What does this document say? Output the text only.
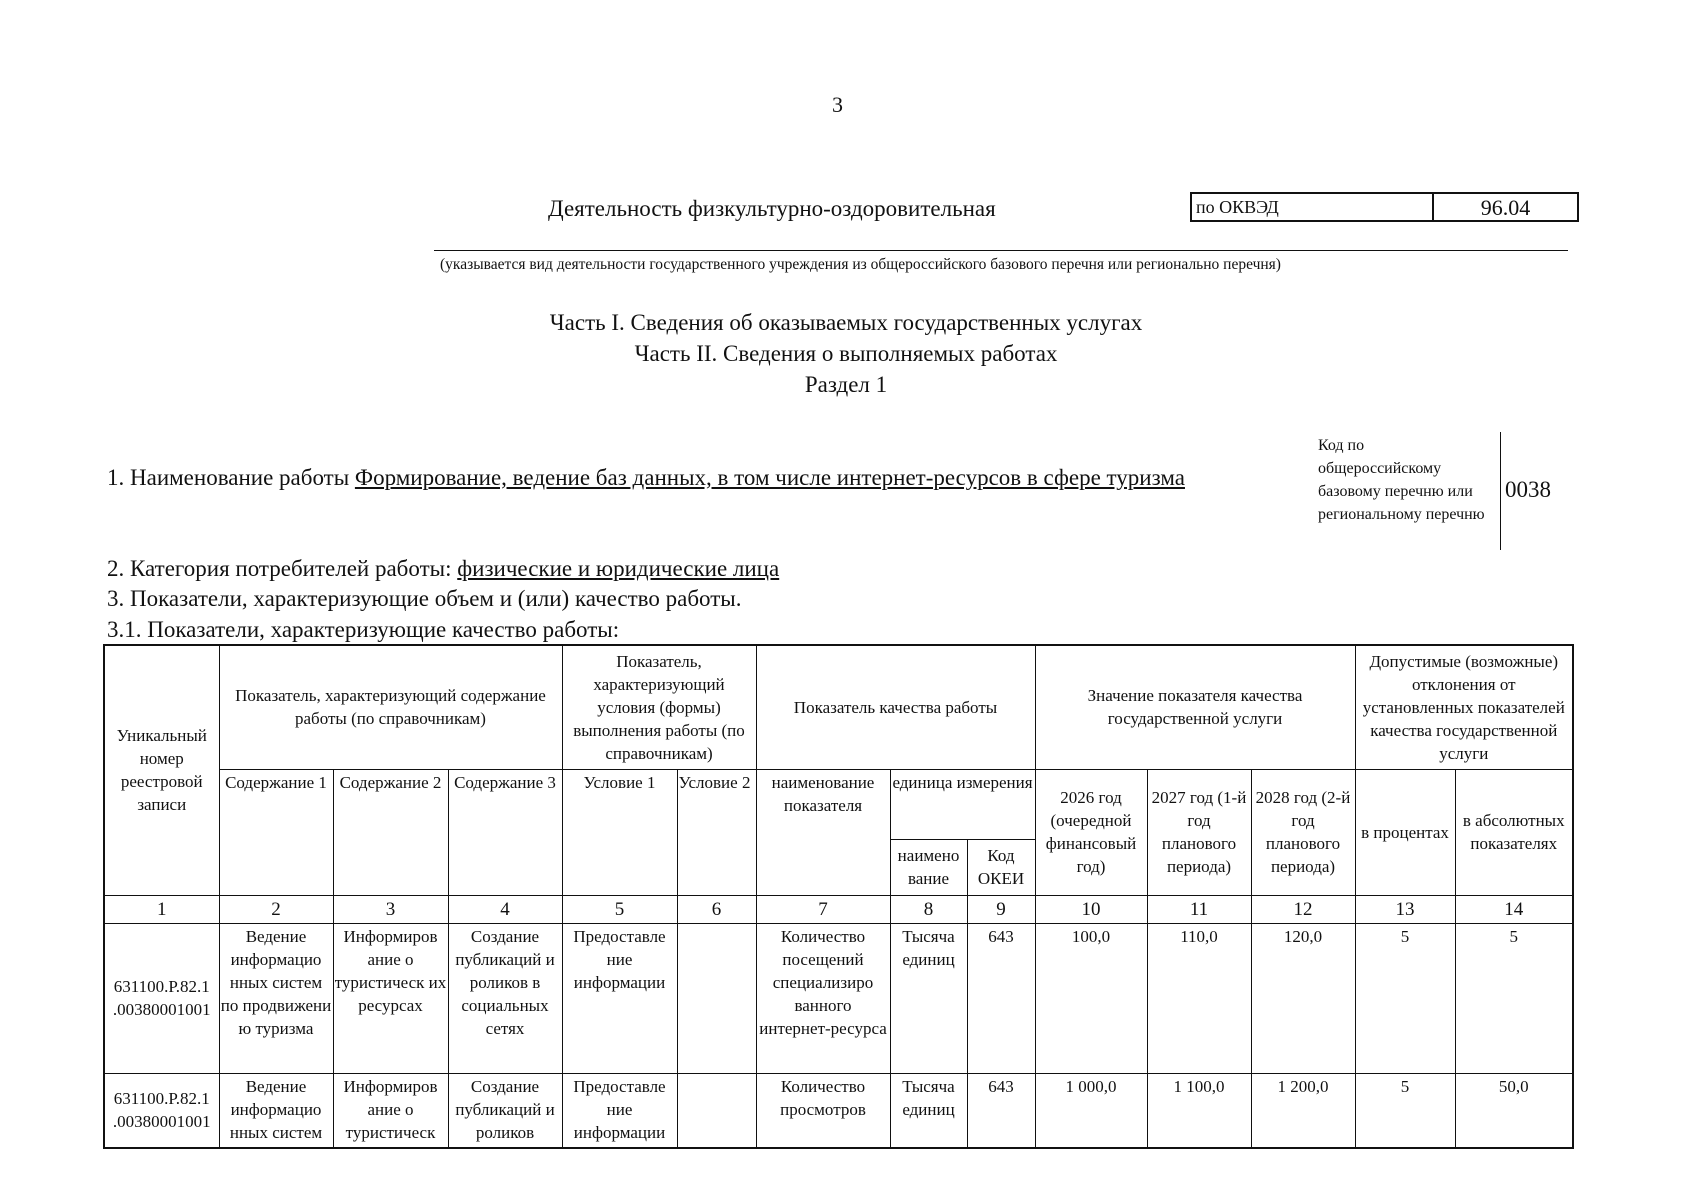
3
Деятельность физкультурно-оздоровительная	по ОКВЭД	96.04
(указывается вид деятельности государственного учреждения из общероссийского базового перечня или регионально перечня)
Часть I. Сведения об оказываемых государственных услугах
Часть II. Сведения о выполняемых работах
Раздел 1
Код по общероссийскому базовому перечню или региональному перечню
0038
1. Наименование работы Формирование, ведение баз данных, в том числе интернет-ресурсов в сфере туризма
2. Категория потребителей работы: физические и юридические лица
3. Показатели, характеризующие объем и (или) качество работы.
3.1. Показатели, характеризующие качество работы:
Уникальный номер реестровой записи	Показатель, характеризующий содержание работы (по справочникам)			Показатель, характеризующий условия (формы) выполнения работы (по справочникам)		Показатель качества работы			Значение показателя качества государственной услуги			Допустимые (возможные) отклонения от установленных показателей качества государственной услуги	
	Содержание 1	Содержание 2	Содержание 3	Условие 1	Условие 2	наименование показателя	единица измерения		2026 год (очередной финансовый год)	2027 год (1-й год планового периода)	2028 год (2-й год планового периода)	в процентах	в абсолютных показателях
							наимено вание	Код ОКЕИ					
1	2	3	4	5	6	7	8	9	10	11	12	13	14
631100.Р.82.1 .00380001001	Ведение информацио нных систем по продвижени ю туризма	Информиров ание о туристическ их ресурсах	Создание публикаций и роликов в социальных сетях	Предоставле ние информации		Количество посещений специализиро ванного интернет-ресурса	Тысяча единиц	643	100,0	110,0	120,0	5	5
631100.Р.82.1 .00380001001	Ведение информацио нных систем	Информиров ание о туристическ	Создание публикаций и роликов	Предоставле ние информации		Количество просмотров	Тысяча единиц	643	1 000,0	1 100,0	1 200,0	5	50,0
